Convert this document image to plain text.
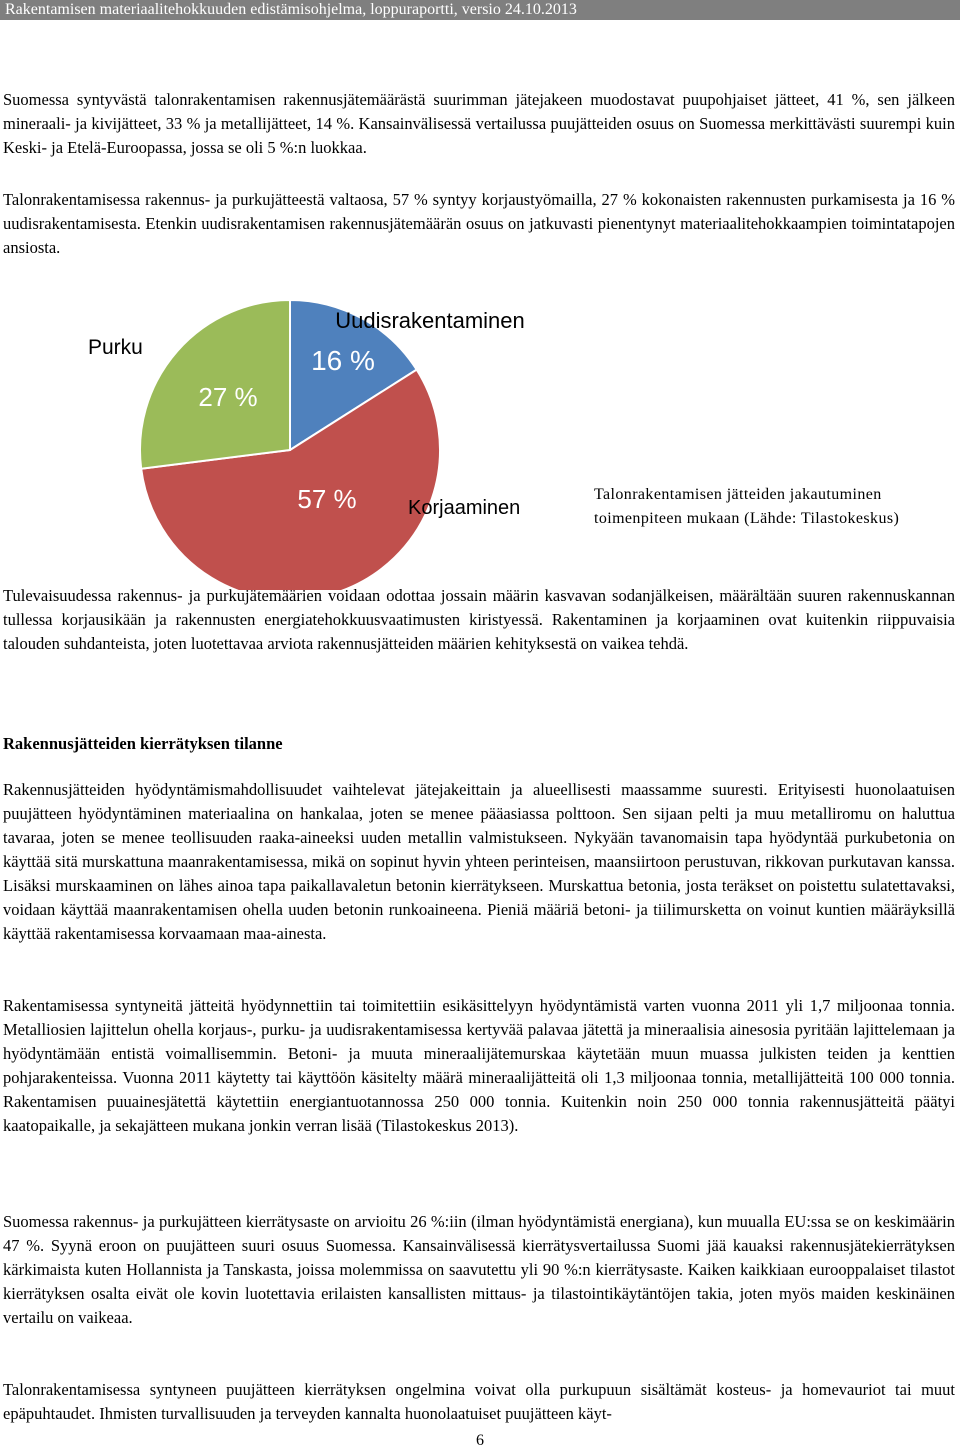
Rakentamisen materiaalitehokkuuden edistämisohjelma, loppuraportti, versio 24.10.2013

Suomessa syntyvästä talonrakentamisen rakennusjätemäärästä suurimman jätejakeen muodostavat puupohjaiset jätteet, 41 %, sen jälkeen mineraali- ja kivijätteet, 33 % ja metallijätteet, 14 %. Kansainvälisessä vertailussa puujätteiden osuus on Suomessa merkittävästi suurempi kuin Keski- ja Etelä-Euroopassa, jossa se oli 5 %:n luokkaa.

Talonrakentamisessa rakennus- ja purkujätteestä valtaosa, 57 % syntyy korjaustyömailla, 27 % kokonaisten rakennusten purkamisesta ja 16 % uudisrakentamisesta. Etenkin uudisrakentamisen rakennusjätemäärän osuus on jatkuvasti pienentynyt materiaalitehokkaampien toimintatapojen ansiosta.

16 %
Uudisrakentaminen
57 %	Korjaaminen
27 %
Purku

Talonrakentamisen jätteiden jakautuminen toimenpiteen mukaan (Lähde: Tilastokeskus)

Tulevaisuudessa rakennus- ja purkujätemäärien voidaan odottaa jossain määrin kasvavan sodanjälkeisen, määrältään suuren rakennuskannan tullessa korjausikään ja rakennusten energiatehokkuusvaatimusten kiristyessä. Rakentaminen ja korjaaminen ovat kuitenkin riippuvaisia talouden suhdanteista, joten luotettavaa arviota rakennusjätteiden määrien kehityksestä on vaikea tehdä.

Rakennusjätteiden kierrätyksen tilanne

Rakennusjätteiden hyödyntämismahdollisuudet vaihtelevat jätejakeittain ja alueellisesti maassamme suuresti. Erityisesti huonolaatuisen puujätteen hyödyntäminen materiaalina on hankalaa, joten se menee pääasiassa polttoon. Sen sijaan pelti ja muu metalliromu on haluttua tavaraa, joten se menee teollisuuden raaka-aineeksi uuden metallin valmistukseen. Nykyään tavanomaisin tapa hyödyntää purkubetonia on käyttää sitä murskattuna maanrakentamisessa, mikä on sopinut hyvin yhteen perinteisen, maansiirtoon perustuvan, rikkovan purkutavan kanssa. Lisäksi murskaaminen on lähes ainoa tapa paikallavaletun betonin kierrätykseen. Murskattua betonia, josta teräkset on poistettu sulatettavaksi, voidaan käyttää maanrakentamisen ohella uuden betonin runkoaineena. Pieniä määriä betoni- ja tiilimursketta on voinut kuntien määräyksillä käyttää rakentamisessa korvaamaan maa-ainesta.

Rakentamisessa syntyneitä jätteitä hyödynnettiin tai toimitettiin esikäsittelyyn hyödyntämistä varten vuonna 2011 yli 1,7 miljoonaa tonnia. Metalliosien lajittelun ohella korjaus-, purku- ja uudisrakentamisessa kertyvää palavaa jätettä ja mineraalisia ainesosia pyritään lajittelemaan ja hyödyntämään entistä voimallisemmin. Betoni- ja muuta mineraalijätemurskaa käytetään muun muassa julkisten teiden ja kenttien pohjarakenteissa. Vuonna 2011 käytetty tai käyttöön käsitelty määrä mineraalijätteitä oli 1,3 miljoonaa tonnia, metallijätteitä 100 000 tonnia. Rakentamisen puuainesjätettä käytettiin energiantuotannossa 250 000 tonnia. Kuitenkin noin 250 000 tonnia rakennusjätteitä päätyi kaatopaikalle, ja sekajätteen mukana jonkin verran lisää (Tilastokeskus 2013).

Suomessa rakennus- ja purkujätteen kierrätysaste on arvioitu 26 %:iin (ilman hyödyntämistä energiana), kun muualla EU:ssa se on keskimäärin 47 %. Syynä eroon on puujätteen suuri osuus Suomessa. Kansainvälisessä kierrätysvertailussa Suomi jää kauaksi rakennusjätekierrätyksen kärkimaista kuten Hollannista ja Tanskasta, joissa molemmissa on saavutettu yli 90 %:n kierrätysaste. Kaiken kaikkiaan eurooppalaiset tilastot kierrätyksen osalta eivät ole kovin luotettavia erilaisten kansallisten mittaus- ja tilastointikäytäntöjen takia, joten myös maiden keskinäinen vertailu on vaikeaa.

Talonrakentamisessa syntyneen puujätteen kierrätyksen ongelmina voivat olla purkupuun sisältämät kosteus- ja homevauriot tai muut epäpuhtaudet. Ihmisten turvallisuuden ja terveyden kannalta huonolaatuiset puujätteen käyt-

6
